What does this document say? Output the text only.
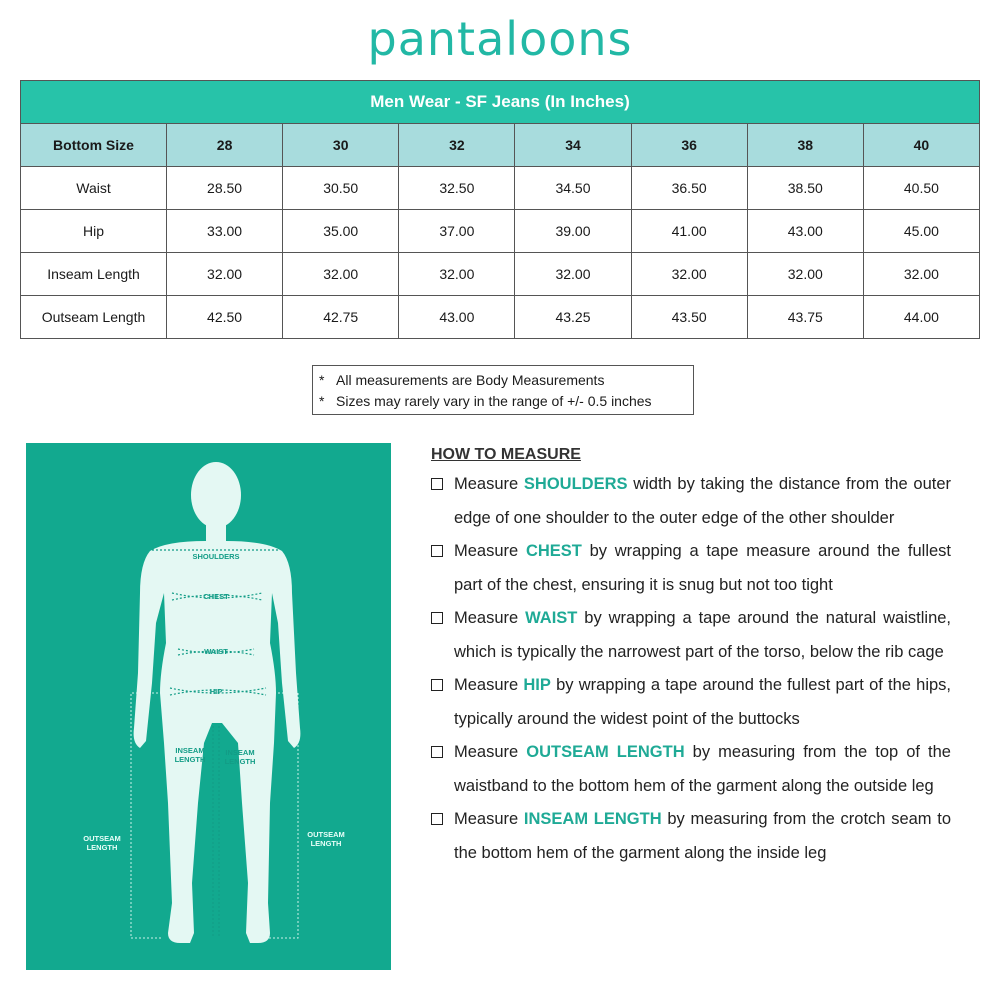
pantaloons
Men Wear - SF Jeans (In Inches)							
Bottom Size	28	30	32	34	36	38	40
Waist	28.50	30.50	32.50	34.50	36.50	38.50	40.50
Hip	33.00	35.00	37.00	39.00	41.00	43.00	45.00
Inseam Length	32.00	32.00	32.00	32.00	32.00	32.00	32.00
Outseam Length	42.50	42.75	43.00	43.25	43.50	43.75	44.00
* All measurements are Body Measurements
* Sizes may rarely vary in the range of +/- 0.5 inches
SHOULDERS
CHEST
WAIST
HIP
INSEAM
LENGTH
INSEAM
LENGTH
OUTSEAM
LENGTH
OUTSEAM
LENGTH
HOW TO MEASURE
Measure SHOULDERS width by taking the distance from the outer edge of one shoulder to the outer edge of the other shoulder
Measure CHEST by wrapping a tape measure around the fullest part of the chest, ensuring it is snug but not too tight
Measure WAIST by wrapping a tape around the natural waistline, which is typically the narrowest part of the torso, below the rib cage
Measure HIP by wrapping a tape around the fullest part of the hips, typically around the widest point of the buttocks
Measure OUTSEAM LENGTH by measuring from the top of the waistband to the bottom hem of the garment along the outside leg
Measure INSEAM LENGTH by measuring from the crotch seam to the bottom hem of the garment along the inside leg
